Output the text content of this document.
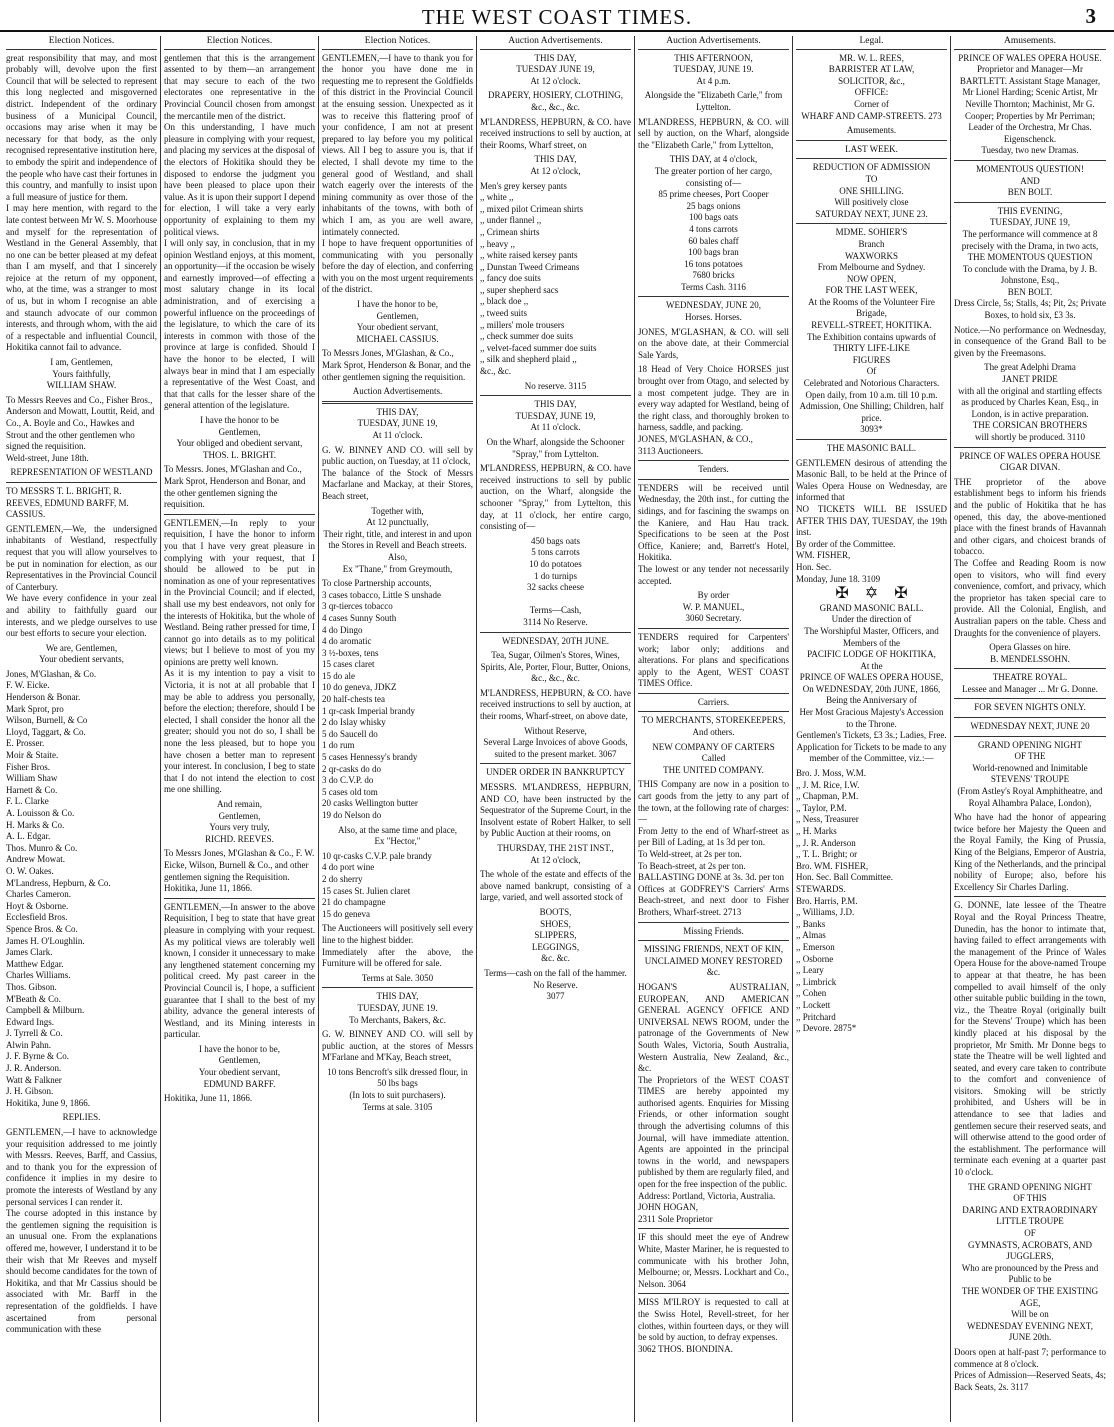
THE WEST COAST TIMES.	3
Election Notices.
great responsibility that may, and most probably will, devolve upon the first Council that will be selected to represent this long neglected and misgoverned district. Independent of the ordinary business of a Municipal Council, occasions may arise when it may be necessary for that body, as the only recognised representative institution here, to embody the spirit and independence of the people who have cast their fortunes in this country, and manfully to insist upon a full measure of justice for them.
I may here mention, with regard to the late contest between Mr W. S. Moorhouse and myself for the representation of Westland in the General Assembly, that no one can be better pleased at my defeat than I am myself, and that I sincerely rejoice at the return of my opponent, who, at the time, was a stranger to most of us, but in whom I recognise an able and staunch advocate of our common interests, and through whom, with the aid of a respectable and influential Council, Hokitika cannot fail to advance.
I am, Gentlemen,
Yours faithfully,
WILLIAM SHAW.
To Messrs Reeves and Co., Fisher Bros., Anderson and Mowatt, Louttit, Reid, and Co., A. Boyle and Co., Hawkes and Strout and the other gentlemen who signed the requisition.
Weld-street, June 18th.
REPRESENTATION OF WESTLAND
TO MESSRS T. L. BRIGHT, R. REEVES, EDMUND BARFF, M. CASSIUS.
GENTLEMEN,—We, the undersigned inhabitants of Westland, respectfully request that you will allow yourselves to be put in nomination for election, as our Representatives in the Provincial Council of Canterbury.
We have every confidence in your zeal and ability to faithfully guard our interests, and we pledge ourselves to use our best efforts to secure your election.
We are, Gentlemen,
Your obedient servants,
Jones, M'Glashan, & Co.
F. W. Eicke.
Henderson & Bonar.
Mark Sprot, pro
Wilson, Burnell, & Co
Lloyd, Taggart, & Co.
E. Prosser.
Moir & Staite.
Fisher Bros.
William Shaw
Harnett & Co.
F. L. Clarke
A. Louisson & Co.
H. Marks & Co.
A. L. Edgar.
Thos. Munro & Co.
Andrew Mowat.
O. W. Oakes.
M'Landress, Hepburn, & Co.
Charles Cameron.
Hoyt & Osborne.
Ecclesfield Bros.
Spence Bros. & Co.
James H. O'Loughlin.
James Clark.
Matthew Edgar.
Charles Williams.
Thos. Gibson.
M'Beath & Co.
Campbell & Milburn.
Edward Ings.
J. Tyrrell & Co.
Alwin Pahn.
J. F. Byrne & Co.
J. R. Anderson.
Watt & Falkner
J. H. Gibson.
Hokitika, June 9, 1866.
REPLIES.
GENTLEMEN,—I have to acknowledge your requisition addressed to me jointly with Messrs. Reeves, Barff, and Cassius, and to thank you for the expression of confidence it implies in my desire to promote the interests of Westland by any personal services I can render it.
The course adopted in this instance by the gentlemen signing the requisition is an unusual one. From the explanations offered me, however, I understand it to be their wish that Mr Reeves and myself should become candidates for the town of Hokitika, and that Mr Cassius should be associated with Mr. Barff in the representation of the goldfields. I have ascertained from personal communication with these
Election Notices.
gentlemen that this is the arrangement assented to by them—an arrangement that may secure to each of the two electorates one representative in the Provincial Council chosen from amongst the mercantile men of the district.
On this understanding, I have much pleasure in complying with your request, and placing my services at the disposal of the electors of Hokitika should they be disposed to endorse the judgment you have been pleased to place upon their value. As it is upon their support I depend for election, I will take a very early opportunity of explaining to them my political views.
I will only say, in conclusion, that in my opinion Westland enjoys, at this moment, an opportunity—if the occasion be wisely and earnestly improved—of effecting a most salutary change in its local administration, and of exercising a powerful influence on the proceedings of the legislature, to which the care of its interests in common with those of the province at large is confided. Should I have the honor to be elected, I will always bear in mind that I am especially a representative of the West Coast, and that that calls for the lesser share of the general attention of the legislature.
I have the honor to be
Gentlemen,
Your obliged and obedient servant,
THOS. L. BRIGHT.
To Messrs. Jones, M'Glashan and Co., Mark Sprot, Henderson and Bonar, and the other gentlemen signing the requisition.
GENTLEMEN,—In reply to your requisition, I have the honor to inform you that I have very great pleasure in complying with your request, that I should be allowed to be put in nomination as one of your representatives in the Provincial Council; and if elected, shall use my best endeavors, not only for the interests of Hokitika, but the whole of Westland. Being rather pressed for time, I cannot go into details as to my political views; but I believe to most of you my opinions are pretty well known.
As it is my intention to pay a visit to Victoria, it is not at all probable that I may be able to address you personally, before the election; therefore, should I be elected, I shall consider the honor all the greater; should you not do so, I shall be none the less pleased, but to hope you have chosen a better man to represent your interest. In conclusion, I beg to state that I do not intend the election to cost me one shilling.
And remain,
Gentlemen,
Yours very truly,
RICHD. REEVES.
To Messrs Jones, M'Glashan & Co., F. W. Eicke, Wilson, Burnell & Co., and other gentlemen signing the Requisition.
Hokitika, June 11, 1866.
GENTLEMEN,—In answer to the above Requisition, I beg to state that have great pleasure in complying with your request. As my political views are tolerably well known, I consider it unnecessary to make any lengthened statement concerning my political creed. My past career in the Provincial Council is, I hope, a sufficient guarantee that I shall to the best of my ability, advance the general interests of Westland, and its Mining interests in particular.
I have the honor to be,
Gentlemen,
Your obedient servant,
EDMUND BARFF.
Hokitika, June 11, 1866.
Election Notices.
GENTLEMEN,—I have to thank you for the honor you have done me in requesting me to represent the Goldfields of this district in the Provincial Council at the ensuing session. Unexpected as it was to receive this flattering proof of your confidence, I am not at present prepared to lay before you my political views. All I beg to assure you is, that if elected, I shall devote my time to the general good of Westland, and shall watch eagerly over the interests of the mining community as over those of the inhabitants of the towns, with both of which I am, as you are well aware, intimately connected.
I hope to have frequent opportunities of communicating with you personally before the day of election, and conferring with you on the most urgent requirements of the district.
I have the honor to be,
Gentlemen,
Your obedient servant,
MICHAEL CASSIUS.
To Messrs Jones, M'Glashan, & Co., Mark Sprot, Henderson & Bonar, and the other gentlemen signing the requisition.
Auction Advertisements.
THIS DAY,
TUESDAY, JUNE 19,
At 11 o'clock.
G. W. BINNEY AND CO. will sell by public auction, on Tuesday, at 11 o'clock,
The balance of the Stock of Messrs Macfarlane and Mackay, at their Stores, Beach street,
Together with,
At 12 punctually,
Their right, title, and interest in and upon the Stores in Revell and Beach streets.
Also,
Ex "Thane," from Greymouth,
To close Partnership accounts,
3 cases tobacco, Little S unshade
3 qr-tierces tobacco
4 cases Sunny South
4 do Dingo
4 do aromatic
3 ½-boxes, tens
15 cases claret
15 do ale
10 do geneva, JDKZ
20 half-chests tea
1 qr-cask Imperial brandy
2 do Islay whisky
5 do Saucell do
1 do rum
5 cases Hennessy's brandy
2 qr-casks do do
3 do C.V.P. do
5 cases old tom
20 casks Wellington butter
19 do Nelson do
Also, at the same time and place,
Ex "Hector,"
10 qr-casks C.V.P. pale brandy
4 do port wine
2 do sherry
15 cases St. Julien claret
21 do champagne
15 do geneva
The Auctioneers will positively sell every line to the highest bidder.
Immediately after the above, the Furniture will be offered for sale.
Terms at Sale. 3050
THIS DAY,
TUESDAY, JUNE 19.
To Merchants, Bakers, &c.
G. W. BINNEY AND CO. will sell by public auction, at the stores of Messrs M'Farlane and M'Kay, Beach street,
10 tons Bencroft's silk dressed flour, in 50 lbs bags
(In lots to suit purchasers).
Terms at sale. 3105
Auction Advertisements.
THIS DAY,
TUESDAY JUNE 19,
At 12 o'clock.
DRAPERY, HOSIERY, CLOTHING,
&c., &c., &c.
M'LANDRESS, HEPBURN, & CO. have received instructions to sell by auction, at their Rooms, Wharf street, on
THIS DAY,
At 12 o'clock,
Men's grey kersey pants
,, white ,,
,, mixed pilot Crimean shirts
,, under flannel ,,
,, Crimean shirts
,, heavy ,,
,, white raised kersey pants
,, Dunstan Tweed Crimeans
,, fancy doe suits
,, super shepherd sacs
,, black doe ,,
,, tweed suits
,, millers' mole trousers
,, check summer doe suits
,, velvet-faced summer doe suits
,, silk and shepherd plaid ,,
&c., &c.
No reserve. 3115
THIS DAY,
TUESDAY, JUNE 19,
At 11 o'clock.
On the Wharf, alongside the Schooner "Spray," from Lyttelton.
M'LANDRESS, HEPBURN, & CO. have received instructions to sell by public auction, on the Wharf, alongside the schooner "Spray," from Lyttelton, this day, at 11 o'clock, her entire cargo, consisting of—
450 bags oats
5 tons carrots
10 do potatoes
1 do turnips
32 sacks cheese

Terms—Cash,
3114 No Reserve.
WEDNESDAY, 20TH JUNE.
Tea, Sugar, Oilmen's Stores, Wines, Spirits, Ale, Porter, Flour, Butter, Onions,
&c., &c., &c.
M'LANDRESS, HEPBURN, & CO. have received instructions to sell by auction, at their rooms, Wharf-street, on above date,
Without Reserve,
Several Large Invoices of above Goods, suited to the present market. 3067
UNDER ORDER IN BANKRUPTCY
MESSRS. M'LANDRESS, HEPBURN, AND CO, have been instructed by the Sequestrator of the Supreme Court, in the Insolvent estate of Robert Halker, to sell by Public Auction at their rooms, on
THURSDAY, THE 21ST INST.,
At 12 o'clock,
The whole of the estate and effects of the above named bankrupt, consisting of a large, varied, and well assorted stock of
BOOTS,
SHOES,
SLIPPERS,
LEGGINGS,
&c. &c.
Terms—cash on the fall of the hammer.
No Reserve.
3077
Auction Advertisements.
THIS AFTERNOON,
TUESDAY, JUNE 19.
At 4 p.m.
Alongside the "Elizabeth Carle," from Lyttelton.
M'LANDRESS, HEPBURN, & CO. will sell by auction, on the Wharf, alongside the "Elizabeth Carle," from Lyttelton,
THIS DAY, at 4 o'clock,
The greater portion of her cargo, consisting of—
85 prime cheeses, Port Cooper
25 bags onions
100 bags oats
4 tons carrots
60 bales chaff
100 bags bran
16 tons potatoes
7680 bricks
Terms Cash. 3116
WEDNESDAY, JUNE 20,
Horses. Horses.
JONES, M'GLASHAN, & CO. will sell on the above date, at their Commercial Sale Yards,
18 Head of Very Choice HORSES just brought over from Otago, and selected by a most competent judge. They are in every way adapted for Westland, being of the right class, and thoroughly broken to harness, saddle, and packing.
JONES, M'GLASHAN, & CO.,
3113 Auctioneers.
Tenders.
TENDERS will be received until Wednesday, the 20th inst., for cutting the sidings, and for fascining the swamps on the Kaniere, and Hau Hau track. Specifications to be seen at the Post Office, Kaniere; and, Barrett's Hotel, Hokitika.
The lowest or any tender not necessarily accepted.
By order
W. P. MANUEL,
3060 Secretary.
TENDERS required for Carpenters' work; labor only; additions and alterations. For plans and specifications apply to the Agent, WEST COAST TIMES Office.
Carriers.
TO MERCHANTS, STOREKEEPERS,
And others.
NEW COMPANY OF CARTERS
Called
THE UNITED COMPANY.
THIS Company are now in a position to cart goods from the jetty to any part of the town, at the following rate of charges:—
From Jetty to the end of Wharf-street as per Bill of Lading, at 1s 3d per ton.
To Weld-street, at 2s per ton.
To Beach-street, at 2s per ton.
BALLASTING DONE at 3s. 3d. per ton
Offices at GODFREY'S Carriers' Arms Beach-street, and next door to Fisher Brothers, Wharf-street. 2713
Missing Friends.
MISSING FRIENDS, NEXT OF KIN, UNCLAIMED MONEY RESTORED &c.
HOGAN'S AUSTRALIAN, EUROPEAN, AND AMERICAN GENERAL AGENCY OFFICE AND UNIVERSAL NEWS ROOM, under the patronage of the Governments of New South Wales, Victoria, South Australia, Western Australia, New Zealand, &c., &c.
The Proprietors of the WEST COAST TIMES are hereby appointed my authorised agents. Enquiries for Missing Friends, or other information sought through the advertising columns of this Journal, will have immediate attention. Agents are appointed in the principal towns in the world, and newspapers published by them are regularly filed, and open for the free inspection of the public.
Address: Portland, Victoria, Australia.
JOHN HOGAN,
2311 Sole Proprietor
IF this should meet the eye of Andrew White, Master Mariner, he is requested to communicate with his brother John, Melbourne; or, Messrs. Lockhart and Co., Nelson. 3064
MISS M'ILROY is requested to call at the Swiss Hotel, Revell-street, for her clothes, within fourteen days, or they will be sold by auction, to defray expenses.
3062 THOS. BIONDINA.
Legal.
MR. W. L. REES,
BARRISTER AT LAW,
SOLICITOR, &c.,
OFFICE:
Corner of
WHARF AND CAMP-STREETS. 273
Amusements.
LAST WEEK.
REDUCTION OF ADMISSION
TO
ONE SHILLING.
Will positively close
SATURDAY NEXT, JUNE 23.
MDME. SOHIER'S
Branch
WAXWORKS
From Melbourne and Sydney.
NOW OPEN,
FOR THE LAST WEEK,
At the Rooms of the Volunteer Fire Brigade,
REVELL-STREET, HOKITIKA.
The Exhibition contains upwards of
THIRTY LIFE-LIKE
FIGURES
Of
Celebrated and Notorious Characters.
Open daily, from 10 a.m. till 10 p.m.
Admission, One Shilling; Children, half price.
3093*
THE MASONIC BALL.
GENTLEMEN desirous of attending the Masonic Ball, to be held at the Prince of Wales Opera House on Wednesday, are informed that
NO TICKETS WILL BE ISSUED AFTER THIS DAY, TUESDAY, the 19th inst.
By order of the Committee.
WM. FISHER,
Hon. Sec.
Monday, June 18. 3109
✠ ✡ ✠
GRAND MASONIC BALL.
Under the direction of
The Worshipful Master, Officers, and
Members of the
PACIFIC LODGE OF HOKITIKA,
At the
PRINCE OF WALES OPERA HOUSE,
On WEDNESDAY, 20th JUNE, 1866,
Being the Anniversary of
Her Most Gracious Majesty's Accession to the Throne.
Gentlemen's Tickets, £3 3s.; Ladies, Free.
Application for Tickets to be made to any member of the Committee, viz.:—
Bro. J. Moss, W.M.
,, J. M. Rice, I.W.
,, Chapman, P.M.
,, Taylor, P.M.
,, Ness, Treasurer
,, H. Marks
,, J. R. Anderson
,, T. L. Bright; or
Bro. WM. FISHER,
Hon. Sec. Ball Committee.
STEWARDS.
Bro. Harris, P.M.
,, Williams, J.D.
,, Banks
,, Almas
,, Emerson
,, Osborne
,, Leary
,, Limbrick
,, Cohen
,, Lockett
,, Pritchard
,, Devore. 2875*
Amusements.
PRINCE OF WALES OPERA HOUSE.
Proprietor and Manager—Mr BARTLETT. Assistant Stage Manager, Mr Lionel Harding; Scenic Artist, Mr Neville Thornton; Machinist, Mr G. Cooper; Properties by Mr Perriman; Leader of the Orchestra, Mr Chas. Eigenschenck.
Tuesday, two new Dramas.
MOMENTOUS QUESTION!
AND
BEN BOLT.
THIS EVENING,
TUESDAY, JUNE 19,
The performance will commence at 8 precisely with the Drama, in two acts,
THE MOMENTOUS QUESTION
To conclude with the Drama, by J. B. Johnstone, Esq.,
BEN BOLT.
Dress Circle, 5s; Stalls, 4s; Pit, 2s; Private Boxes, to hold six, £3 3s.
Notice.—No performance on Wednesday, in consequence of the Grand Ball to be given by the Freemasons.
The great Adelphi Drama
JANET PRIDE
with all the original and startling effects as produced by Charles Kean, Esq., in London, is in active preparation.
THE CORSICAN BROTHERS
will shortly be produced. 3110
PRINCE OF WALES OPERA HOUSE
CIGAR DIVAN.
THE proprietor of the above establishment begs to inform his friends and the public of Hokitika that he has opened, this day, the above-mentioned place with the finest brands of Havannah and other cigars, and choicest brands of tobacco.
The Coffee and Reading Room is now open to visitors, who will find every convenience, comfort, and privacy, which the proprietor has taken special care to provide. All the Colonial, English, and Australian papers on the table. Chess and Draughts for the convenience of players.
Opera Glasses on hire.
B. MENDELSSOHN.
THEATRE ROYAL.
Lessee and Manager ... Mr G. Donne.
FOR SEVEN NIGHTS ONLY.
WEDNESDAY NEXT, JUNE 20
GRAND OPENING NIGHT
OF THE
World-renowned and Inimitable
STEVENS' TROUPE
(From Astley's Royal Amphitheatre, and Royal Alhambra Palace, London),
Who have had the honor of appearing twice before her Majesty the Queen and the Royal Family, the King of Prussia, King of the Belgians, Emperor of Austria, King of the Netherlands, and the principal nobility of Europe; also, before his Excellency Sir Charles Darling.
G. DONNE, late lessee of the Theatre Royal and the Royal Princess Theatre, Dunedin, has the honor to intimate that, having failed to effect arrangements with the management of the Prince of Wales Opera House for the above-named Troupe to appear at that theatre, he has been compelled to avail himself of the only other suitable public building in the town, viz., the Theatre Royal (originally built for the Stevens' Troupe) which has been kindly placed at his disposal by the proprietor, Mr Smith. Mr Donne begs to state the Theatre will be well lighted and seated, and every care taken to contribute to the comfort and convenience of visitors. Smoking will be strictly prohibited, and Ushers will be in attendance to see that ladies and gentlemen secure their reserved seats, and will otherwise attend to the good order of the establishment. The performance will terminate each evening at a quarter past 10 o'clock.
THE GRAND OPENING NIGHT
OF THIS
DARING AND EXTRAORDINARY
LITTLE TROUPE
OF
GYMNASTS, ACROBATS, AND JUGGLERS,
Who are pronounced by the Press and Public to be
THE WONDER OF THE EXISTING AGE,
Will be on
WEDNESDAY EVENING NEXT,
JUNE 20th.
Doors open at half-past 7; performance to commence at 8 o'clock.
Prices of Admission—Reserved Seats, 4s; Back Seats, 2s. 3117
